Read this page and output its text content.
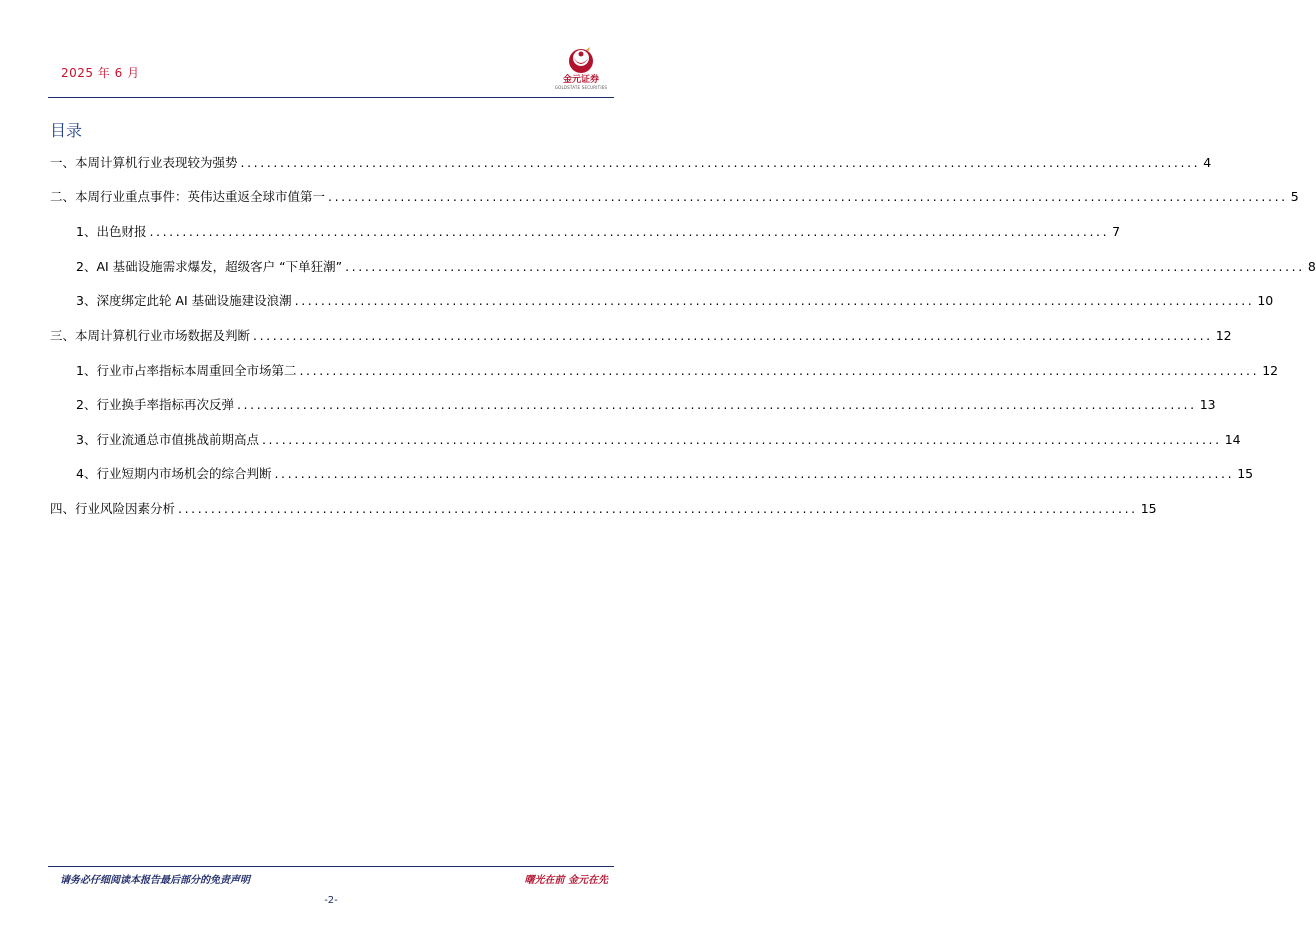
2025 年 6 月	金元证券
GOLDSTATE SECURITIES
目录
一、本周计算机行业表现较为强势 .................................................................................................................................................. 4
二、本周行业重点事件：英伟达重返全球市值第一 .................................................................................................................................................. 5
1、出色财报 .................................................................................................................................................. 7
2、AI 基础设施需求爆发，超级客户 “下单狂潮” .................................................................................................................................................. 8
3、深度绑定此轮 AI 基础设施建设浪潮 .................................................................................................................................................. 10
三、本周计算机行业市场数据及判断 .................................................................................................................................................. 12
1、行业市占率指标本周重回全市场第二 .................................................................................................................................................. 12
2、行业换手率指标再次反弹 .................................................................................................................................................. 13
3、行业流通总市值挑战前期高点 .................................................................................................................................................. 14
4、行业短期内市场机会的综合判断 .................................................................................................................................................. 15
四、行业风险因素分析 .................................................................................................................................................. 15
请务必仔细阅读本报告最后部分的免责声明	曙光在前 金元在先
-2-
